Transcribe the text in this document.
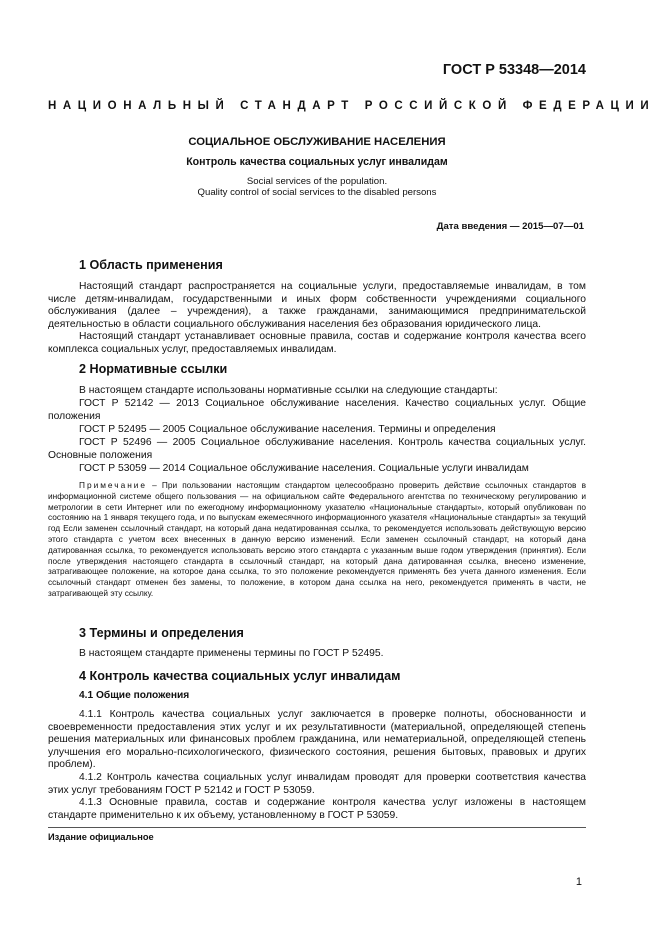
ГОСТ Р 53348—2014
НАЦИОНАЛЬНЫЙ СТАНДАРТ РОССИЙСКОЙ ФЕДЕРАЦИИ
СОЦИАЛЬНОЕ ОБСЛУЖИВАНИЕ НАСЕЛЕНИЯ
Контроль качества социальных услуг инвалидам
Social services of the population.
Quality control of social services to the disabled persons
Дата введения — 2015—07—01
1 Область применения

Настоящий стандарт распространяется на социальные услуги, предоставляемые инвалидам, в том числе детям-инвалидам, государственными и иных форм собственности учреждениями социального обслуживания (далее – учреждения), а также гражданами, занимающимися предпринимательской деятельностью в области социального обслуживания населения без образования юридического лица.

Настоящий стандарт устанавливает основные правила, состав и содержание контроля качества всего комплекса социальных услуг, предоставляемых инвалидам.

2 Нормативные ссылки

В настоящем стандарте использованы нормативные ссылки на следующие стандарты:

ГОСТ Р 52142 — 2013 Социальное обслуживание населения. Качество социальных услуг. Общие положения

ГОСТ Р 52495 — 2005 Социальное обслуживание населения. Термины и определения

ГОСТ Р 52496 — 2005 Социальное обслуживание населения. Контроль качества социальных услуг. Основные положения

ГОСТ Р 53059 — 2014 Социальное обслуживание населения. Социальные услуги инвалидам

Примечание – При пользовании настоящим стандартом целесообразно проверить действие ссылочных стандартов в информационной системе общего пользования — на официальном сайте Федерального агентства по техническому регулированию и метрологии в сети Интернет или по ежегодному информационному указателю «Национальные стандарты», который опубликован по состоянию на 1 января текущего года, и по выпускам ежемесячного информационного указателя «Национальные стандарты» за текущий год Если заменен ссылочный стандарт, на который дана недатированная ссылка, то рекомендуется использовать действующую версию этого стандарта с учетом всех внесенных в данную версию изменений. Если заменен ссылочный стандарт, на который дана датированная ссылка, то рекомендуется использовать версию этого стандарта с указанным выше годом утверждения (принятия). Если после утверждения настоящего стандарта в ссылочный стандарт, на который дана датированная ссылка, внесено изменение, затрагивающее положение, на которое дана ссылка, то это положение рекомендуется применять без учета данного изменения. Если ссылочный стандарт отменен без замены, то положение, в котором дана ссылка на него, рекомендуется применять в части, не затрагивающей эту ссылку.

3 Термины и определения

В настоящем стандарте применены термины по ГОСТ Р 52495.

4 Контроль качества социальных услуг инвалидам
4.1 Общие положения

4.1.1 Контроль качества социальных услуг заключается в проверке полноты, обоснованности и своевременности предоставления этих услуг и их результативности (материальной, определяющей степень решения материальных или финансовых проблем гражданина, или нематериальной, определяющей степень улучшения его морально-психологического, физического состояния, решения бытовых, правовых и других проблем).

4.1.2 Контроль качества социальных услуг инвалидам проводят для проверки соответствия качества этих услуг требованиям ГОСТ Р 52142 и ГОСТ Р 53059.

4.1.3 Основные правила, состав и содержание контроля качества услуг изложены в настоящем стандарте применительно к их объему, установленному в ГОСТ Р 53059.

Издание официальное
1
